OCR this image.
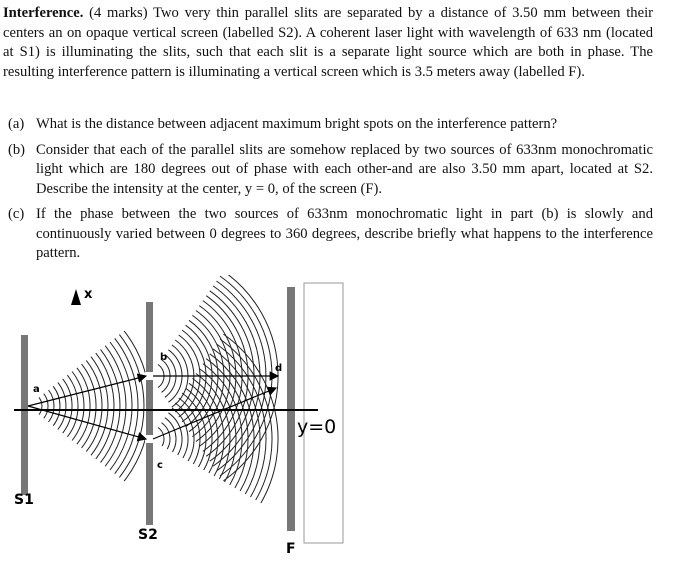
Interference. (4 marks) Two very thin parallel slits are separated by a distance of 3.50 mm between their centers an on opaque vertical screen (labelled S2). A coherent laser light with wavelength of 633 nm (located at S1) is illuminating the slits, such that each slit is a separate light source which are both in phase. The resulting interference pattern is illuminating a vertical screen which is 3.5 meters away (labelled F).
(a) What is the distance between adjacent maximum bright spots on the interference pattern?
(b) Consider that each of the parallel slits are somehow replaced by two sources of 633nm monochromatic light which are 180 degrees out of phase with each other-and are also 3.50 mm apart, located at S2. Describe the intensity at the center, y = 0, of the screen (F).
(c) If the phase between the two sources of 633nm monochromatic light in part (b) is slowly and continuously varied between 0 degrees to 360 degrees, describe briefly what happens to the interference pattern.
x
a
b
c
d
S1
S2
F
y=0
